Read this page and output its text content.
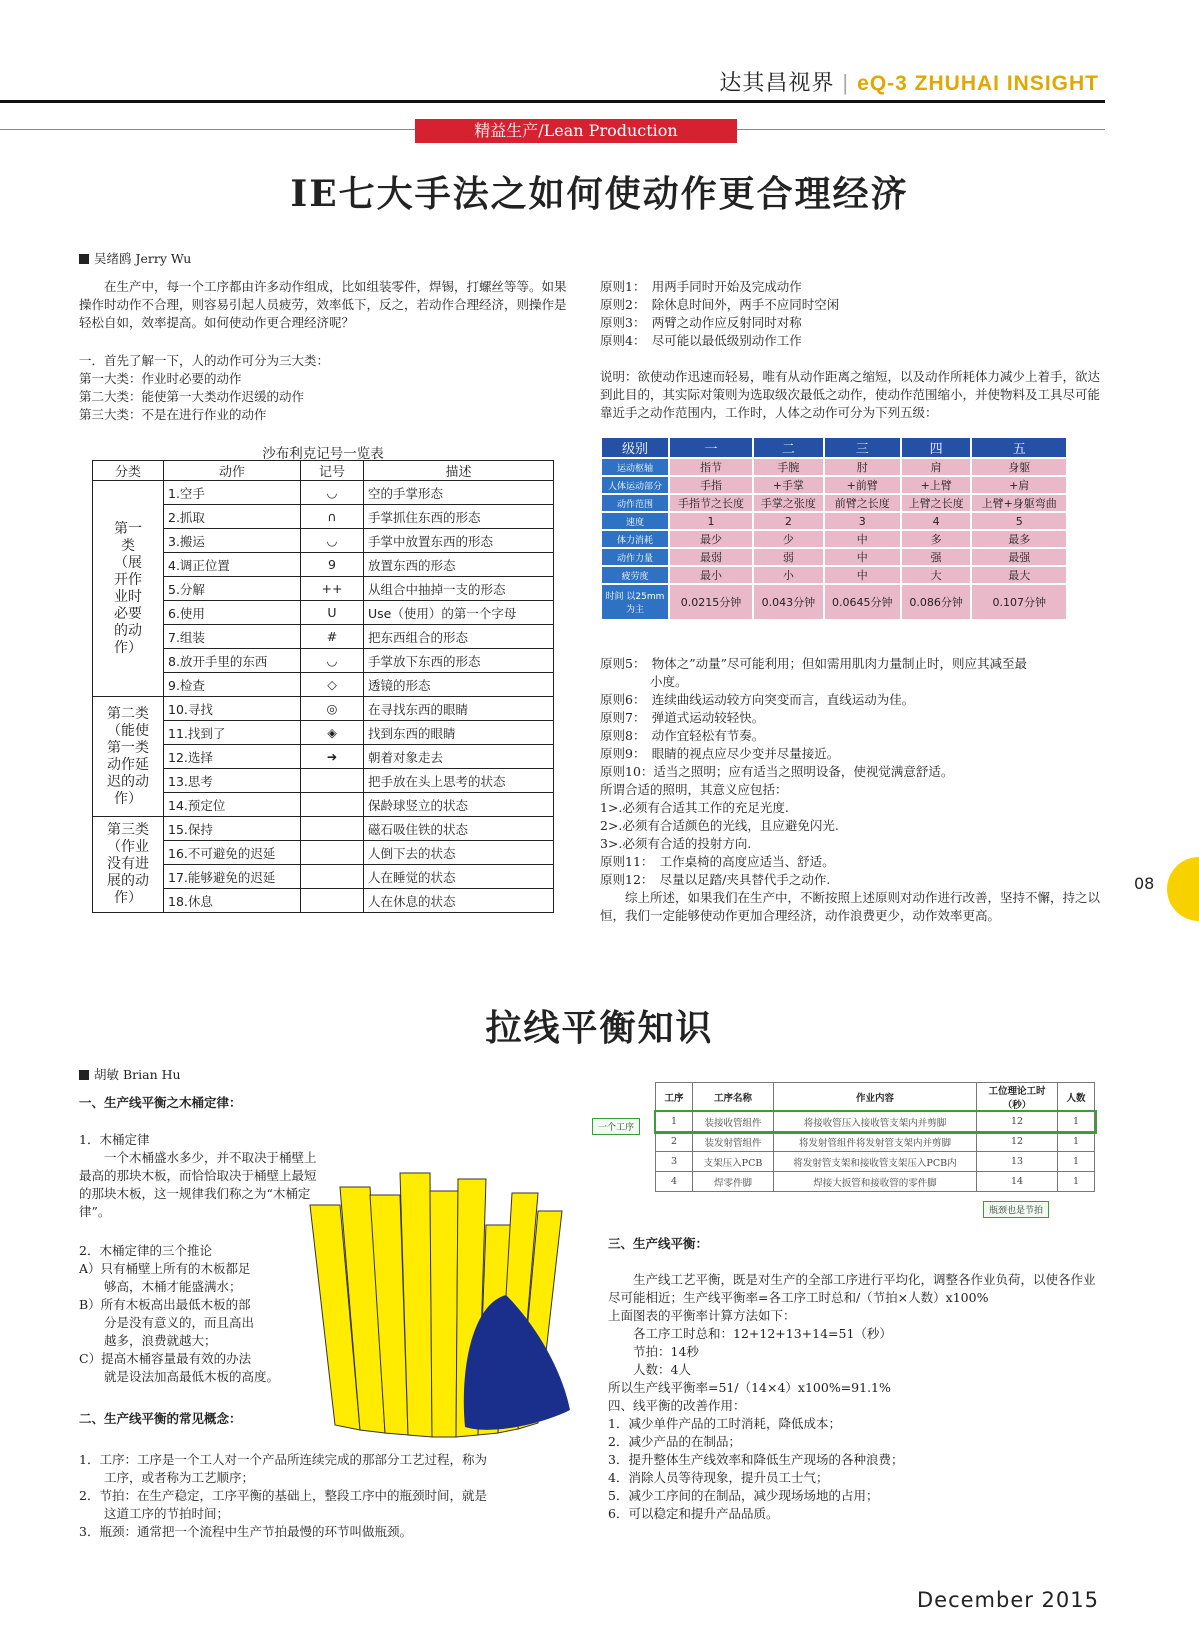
达其昌视界 | eQ-3 ZHUHAI INSIGHT
精益生产/Lean Production
IE七大手法之如何使动作更合理经济
吴绪鸥 Jerry Wu

在生产中，每一个工序都由许多动作组成，比如组装零件，焊锡，打螺丝等等。如果操作时动作不合理，则容易引起人员疲劳，效率低下，反之，若动作合理经济，则操作是轻松自如，效率提高。如何使动作更合理经济呢？

一．首先了解一下，人的动作可分为三大类：

第一大类：作业时必要的动作

第二大类：能使第一大类动作迟缓的动作

第三大类：不是在进行作业的动作

沙布利克记号一览表
分类	动作	记号	描述

第一类（展开作业时必要的动作）	1.空手	◡	空的手掌形态
	2.抓取	∩	手掌抓住东西的形态
	3.搬运	◡	手掌中放置东西的形态
	4.调正位置	9	放置东西的形态
	5.分解	++	从组合中抽掉一支的形态
	6.使用	U	Use（使用）的第一个字母
	7.组装	#	把东西组合的形态
	8.放开手里的东西	◡	手掌放下东西的形态
	9.检查	◇	透镜的形态

第二类（能使第一类动作延迟的动作）	10.寻找	◎	在寻找东西的眼睛
	11.找到了	◈	找到东西的眼睛
	12.选择	➜	朝着对象走去
	13.思考		把手放在头上思考的状态
	14.预定位		保龄球竖立的状态

第三类（作业没有进展的动作）	15.保持		磁石吸住铁的状态
	16.不可避免的迟延		人倒下去的状态
	17.能够避免的迟延		人在睡觉的状态
	18.休息		人在休息的状态

原则1：　用两手同时开始及完成动作

原则2：　除休息时间外，两手不应同时空闲

原则3：　两臂之动作应反射同时对称

原则4：　尽可能以最低级别动作工作

说明：欲使动作迅速而轻易，唯有从动作距离之缩短，以及动作所耗体力减少上着手，欲达到此目的，其实际对策则为选取级次最低之动作，使动作范围缩小，并使物料及工具尽可能靠近手之动作范围内，工作时，人体之动作可分为下列五级：

级别	一	二	三	四	五
运动枢轴	指节	手腕	肘	肩	身躯
人体运动部分	手指	+手掌	+前臂	+上臂	+肩
动作范围	手指节之长度	手掌之张度	前臂之长度	上臂之长度	上臂+身躯弯曲
速度	1	2	3	4	5
体力消耗	最少	少	中	多	最多
动作力量	最弱	弱	中	强	最强
疲劳度	最小	小	中	大	最大
时间 以25mm为主	0.0215分钟	0.043分钟	0.0645分钟	0.086分钟	0.107分钟

原则5：　物体之”动量”尽可能利用；但如需用肌肉力量制止时，则应其减至最

　　　　小度。

原则6：　连续曲线运动较方向突变而言，直线运动为佳。

原则7：　弹道式运动较轻快。

原则8：　动作宜轻松有节奏。

原则9：　眼睛的视点应尽少变并尽量接近。

原则10：适当之照明；应有适当之照明设备，使视觉满意舒适。

所谓合适的照明，其意义应包括：

1>.必须有合适其工作的充足光度.

2>.必须有合适颜色的光线，且应避免闪光.

3>.必须有合适的投射方向.

原则11：　工作桌椅的高度应适当、舒适。

原则12：　尽量以足踏/夹具替代手之动作.

综上所述，如果我们在生产中，不断按照上述原则对动作进行改善，坚持不懈，持之以恒，我们一定能够使动作更加合理经济，动作浪费更少，动作效率更高。

08
拉线平衡知识
胡敏 Brian Hu

一、生产线平衡之木桶定律：

1．木桶定律

一个木桶盛水多少，并不取决于桶壁上最高的那块木板，而恰恰取决于桶壁上最短的那块木板，这一规律我们称之为“木桶定律”。

2．木桶定律的三个推论

A）只有桶壁上所有的木板都足

　　够高，木桶才能盛满水；

B）所有木板高出最低木板的部

　　分是没有意义的，而且高出

　　越多，浪费就越大；

C）提高木桶容量最有效的办法

　　就是设法加高最低木板的高度。

二、生产线平衡的常见概念：

1．工序：工序是一个工人对一个产品所连续完成的那部分工艺过程，称为

　　工序，或者称为工艺顺序；

2．节拍：在生产稳定，工序平衡的基础上，整段工序中的瓶颈时间，就是

　　这道工序的节拍时间；

3．瓶颈：通常把一个流程中生产节拍最慢的环节叫做瓶颈。

一个工序
工序	工序名称	作业内容	工位理论工时（秒）	人数
1	装接收管组件	将接收管压入接收管支架内并剪脚	12	1
2	装发射管组件	将发射管组件将发射管支架内并剪脚	12	1
3	支架压入PCB	将发射管支架和接收管支架压入PCB内	13	1
4	焊零件脚	焊接大扳管和接收管的零件脚	14	1
瓶颈也是节拍

三、生产线平衡：

生产线工艺平衡，既是对生产的全部工序进行平均化，调整各作业负荷，以使各作业尽可能相近；生产线平衡率=各工序工时总和/（节拍×人数）x100%

上面图表的平衡率计算方法如下：

　　各工序工时总和：12+12+13+14=51（秒）

　　节拍：14秒

　　人数：4人

所以生产线平衡率=51/（14×4）x100%=91.1%

四、线平衡的改善作用：

1．减少单件产品的工时消耗，降低成本；

2．减少产品的在制品；

3．提升整体生产线效率和降低生产现场的各种浪费；

4．消除人员等待现象，提升员工士气；

5．减少工序间的在制品，减少现场场地的占用；

6．可以稳定和提升产品品质。

December 2015
